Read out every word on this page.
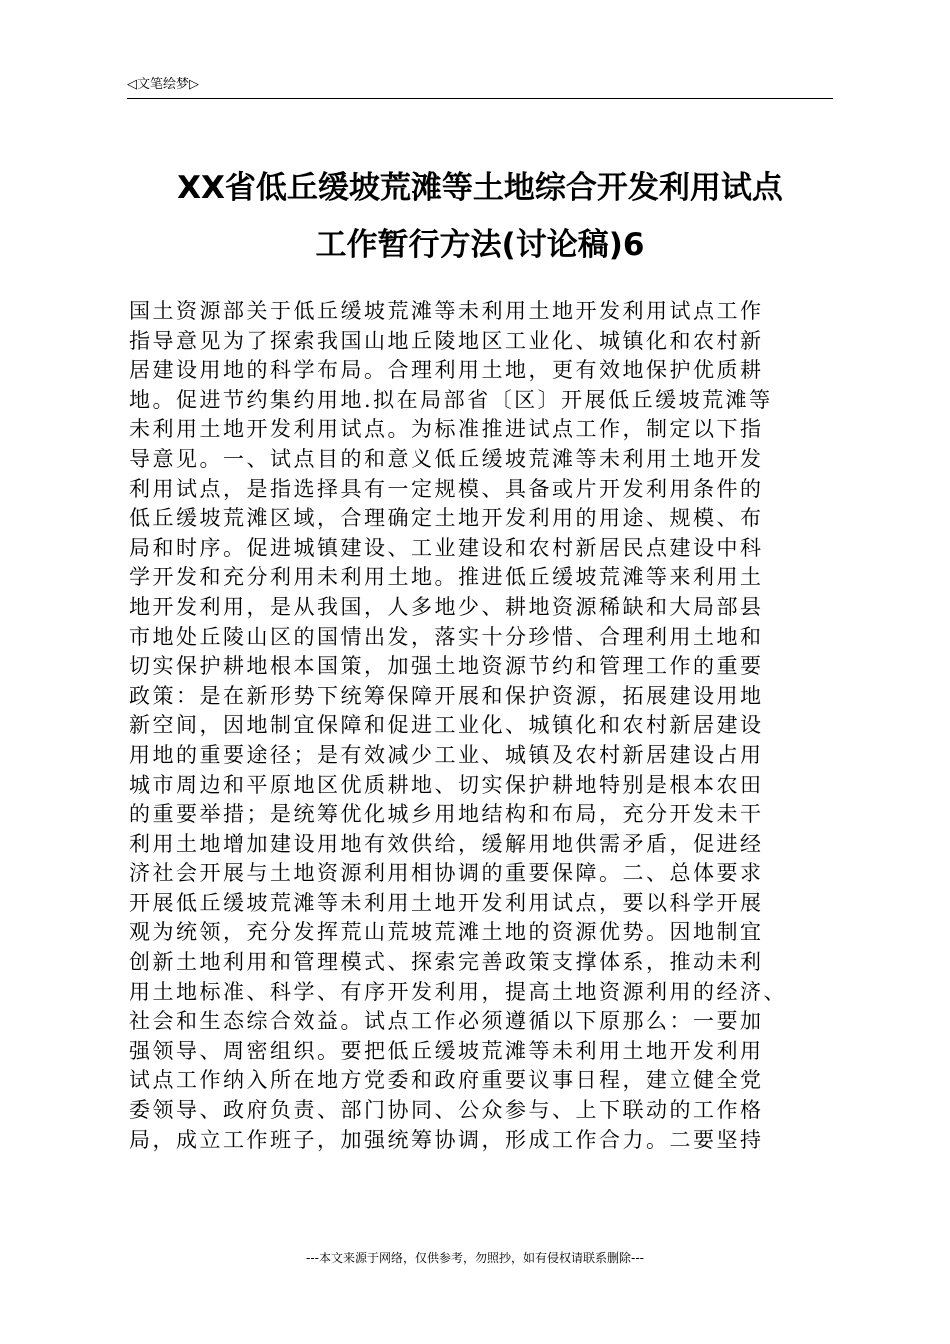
◁文笔绘梦▷
XX省低丘缓坡荒滩等土地综合开发利用试点
工作暂行方法(讨论稿)6
国土资源部关于低丘缓坡荒滩等未利用土地开发利用试点工作
指导意见为了探索我国山地丘陵地区工业化、城镇化和农村新
居建设用地的科学布局。合理利用土地，更有效地保护优质耕
地。促进节约集约用地.拟在局部省〔区〕开展低丘缓坡荒滩等
未利用土地开发利用试点。为标准推进试点工作，制定以下指
导意见。一、试点目的和意义低丘缓坡荒滩等未利用土地开发
利用试点，是指选择具有一定规模、具备或片开发利用条件的
低丘缓坡荒滩区域，合理确定土地开发利用的用途、规模、布
局和时序。促进城镇建设、工业建设和农村新居民点建设中科
学开发和充分利用未利用土地。推进低丘缓坡荒滩等来利用土
地开发利用，是从我国，人多地少、耕地资源稀缺和大局部县
市地处丘陵山区的国情出发，落实十分珍惜、合理利用土地和
切实保护耕地根本国策，加强土地资源节约和管理工作的重要
政策：是在新形势下统筹保障开展和保护资源，拓展建设用地
新空间，因地制宜保障和促进工业化、城镇化和农村新居建设
用地的重要途径；是有效减少工业、城镇及农村新居建设占用
城市周边和平原地区优质耕地、切实保护耕地特别是根本农田
的重要举措；是统筹优化城乡用地结构和布局，充分开发未干
利用土地增加建设用地有效供给，缓解用地供需矛盾，促进经
济社会开展与土地资源利用相协调的重要保障。二、总体要求
开展低丘缓坡荒滩等未利用土地开发利用试点，要以科学开展
观为统领，充分发挥荒山荒坡荒滩土地的资源优势。因地制宜
创新土地利用和管理模式、探索完善政策支撑体系，推动未利
用土地标准、科学、有序开发利用，提高土地资源利用的经济、
社会和生态综合效益。试点工作必须遵循以下原那么：一要加
强领导、周密组织。要把低丘缓坡荒滩等未利用土地开发利用
试点工作纳入所在地方党委和政府重要议事日程，建立健全党
委领导、政府负责、部门协同、公众参与、上下联动的工作格
局，成立工作班子，加强统筹协调，形成工作合力。二要坚持
---本文来源于网络，仅供参考，勿照抄，如有侵权请联系删除---
